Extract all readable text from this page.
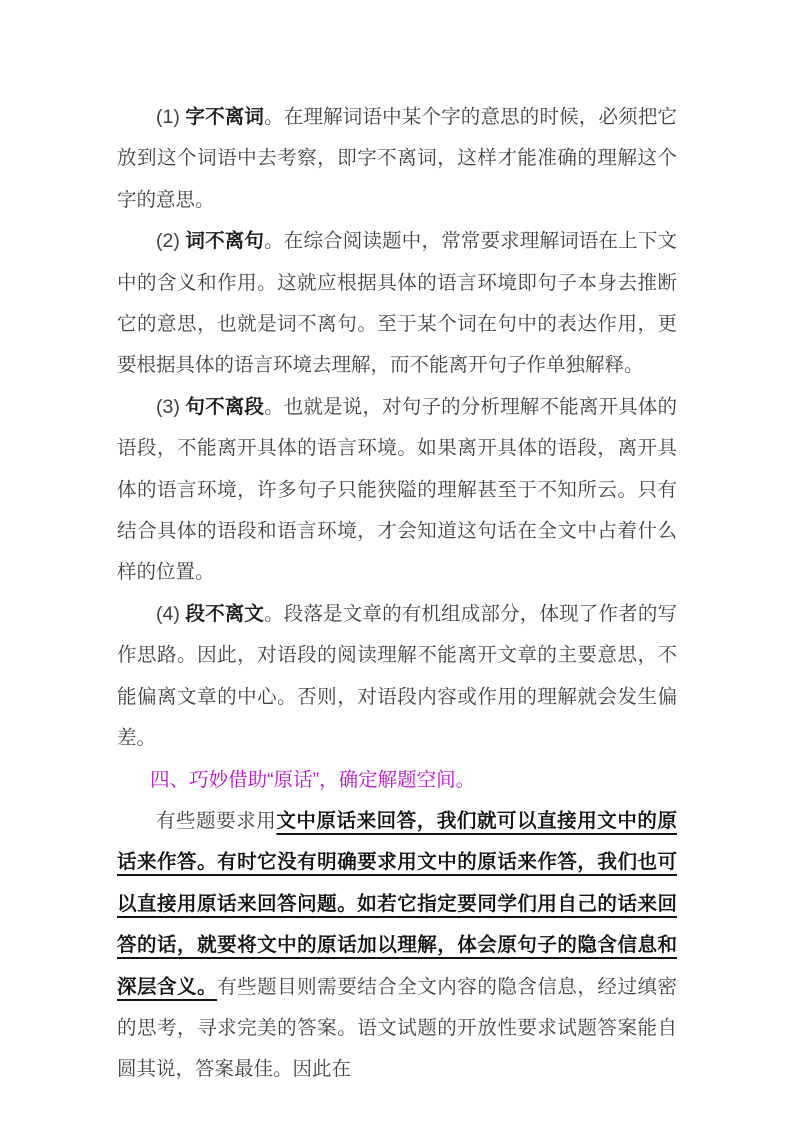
(1) 字不离词。在理解词语中某个字的意思的时候，必须把它放到这个词语中去考察，即字不离词，这样才能准确的理解这个字的意思。

(2) 词不离句。在综合阅读题中，常常要求理解词语在上下文中的含义和作用。这就应根据具体的语言环境即句子本身去推断它的意思，也就是词不离句。至于某个词在句中的表达作用，更要根据具体的语言环境去理解，而不能离开句子作单独解释。

(3) 句不离段。也就是说，对句子的分析理解不能离开具体的语段，不能离开具体的语言环境。如果离开具体的语段，离开具体的语言环境，许多句子只能狭隘的理解甚至于不知所云。只有结合具体的语段和语言环境，才会知道这句话在全文中占着什么样的位置。

(4) 段不离文。段落是文章的有机组成部分，体现了作者的写作思路。因此，对语段的阅读理解不能离开文章的主要意思，不能偏离文章的中心。否则，对语段内容或作用的理解就会发生偏差。

四、巧妙借助“原话”，确定解题空间。

有些题要求用文中原话来回答，我们就可以直接用文中的原话来作答。有时它没有明确要求用文中的原话来作答，我们也可以直接用原话来回答问题。如若它指定要同学们用自己的话来回答的话，就要将文中的原话加以理解，体会原句子的隐含信息和深层含义。有些题目则需要结合全文内容的隐含信息，经过缜密的思考，寻求完美的答案。语文试题的开放性要求试题答案能自圆其说，答案最佳。因此在
